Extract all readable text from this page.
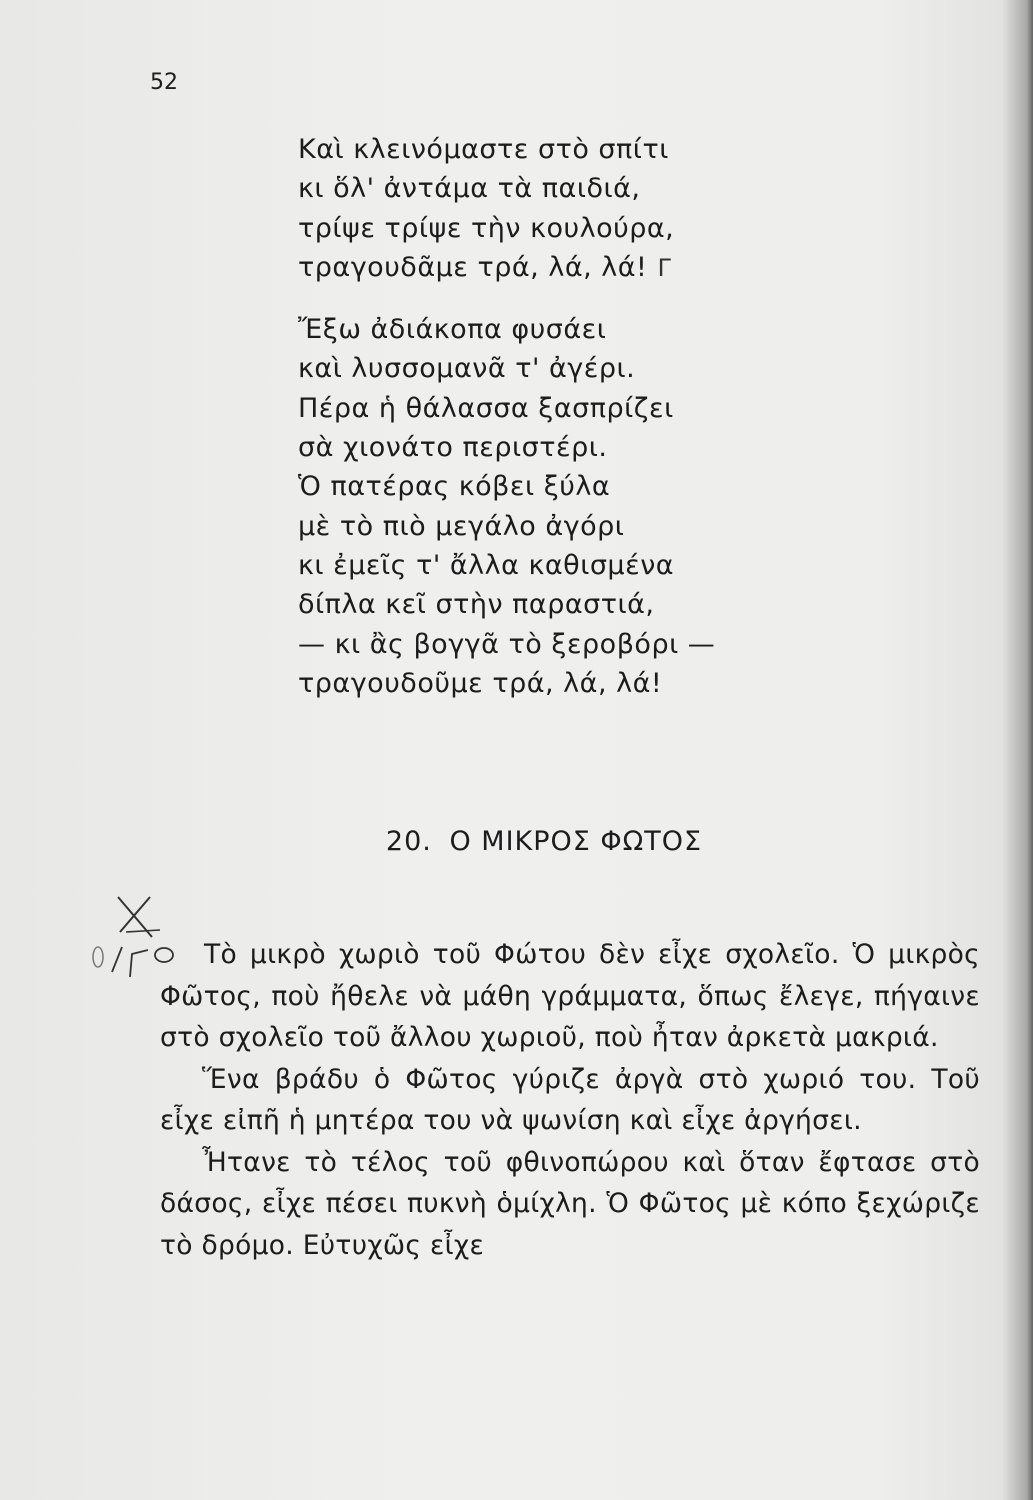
52

Καὶ κλεινόμαστε στὸ σπίτι
κι ὅλ' ἀντάμα τὰ παιδιά,
τρίψε τρίψε τὴν κουλούρα,
τραγουδᾶμε τρά, λά, λά! Γ

Ἔξω ἀδιάκοπα φυσάει
καὶ λυσσομανᾶ τ' ἀγέρι.
Πέρα ἡ θάλασσα ξασπρίζει
σὰ χιονάτο περιστέρι.
Ὁ πατέρας κόβει ξύλα
μὲ τὸ πιὸ μεγάλο ἀγόρι
κι ἐμεῖς τ' ἄλλα καθισμένα
δίπλα κεῖ στὴν παραστιά,
— κι ἂς βογγᾶ τὸ ξεροβόρι —
τραγουδοῦμε τρά, λά, λά!

20. Ο ΜΙΚΡΟΣ ΦΩΤΟΣ

Τὸ μικρὸ χωριὸ τοῦ Φώτου δὲν εἶχε σχολεῖο. Ὁ μικρὸς Φῶτος, ποὺ ἤθελε νὰ μάθη γράμματα, ὅπως ἔλεγε, πήγαινε στὸ σχολεῖο τοῦ ἄλλου χωριοῦ, ποὺ ἦταν ἀρκετὰ μακριά.

Ἕνα βράδυ ὁ Φῶτος γύριζε ἀργὰ στὸ χωριό του. Τοῦ εἶχε εἰπῆ ἡ μητέρα του νὰ ψωνίση καὶ εἶχε ἀργήσει.

Ἦτανε τὸ τέλος τοῦ φθινοπώρου καὶ ὅταν ἔφτασε στὸ δάσος, εἶχε πέσει πυκνὴ ὁμίχλη. Ὁ Φῶτος μὲ κόπο ξεχώριζε τὸ δρόμο. Εὐτυχῶς εἶχε
